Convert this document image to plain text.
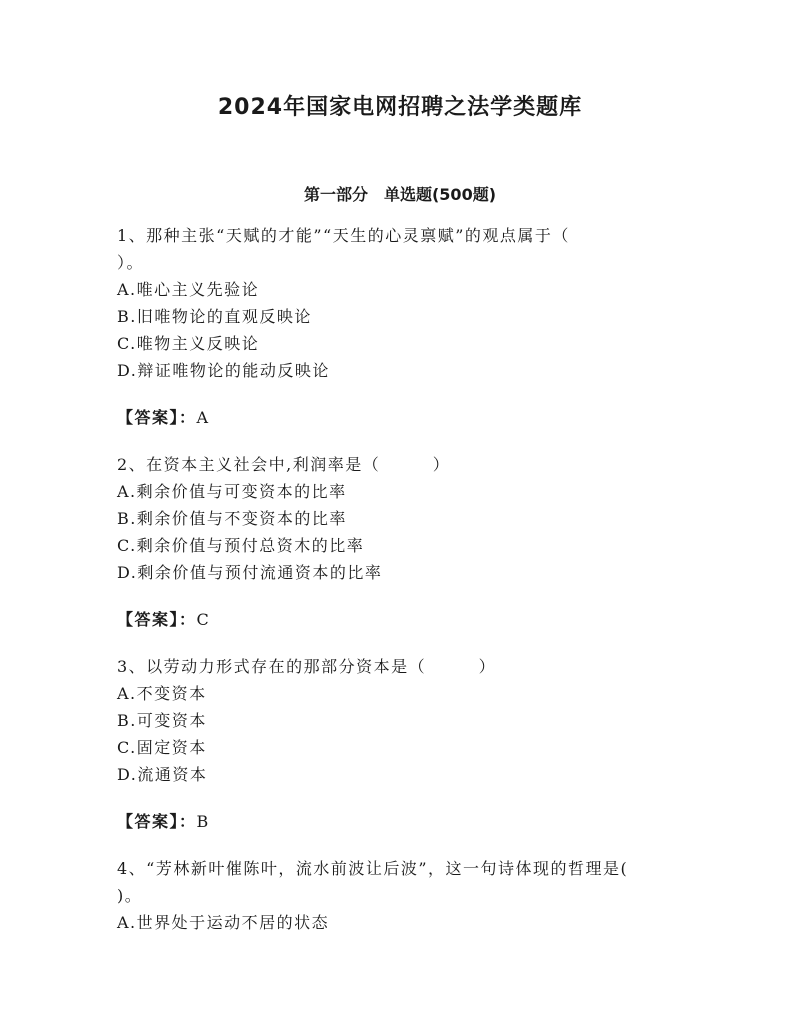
2024年国家电网招聘之法学类题库
第一部分　单选题(500题)
1、那种主张“天赋的才能”“天生的心灵禀赋”的观点属于（
）。
A.唯心主义先验论
B.旧唯物论的直观反映论
C.唯物主义反映论
D.辩证唯物论的能动反映论
【答案】：A
2、在资本主义社会中,利润率是（　　　）
A.剩余价值与可变资本的比率
B.剩余价值与不变资本的比率
C.剩余价值与预付总资木的比率
D.剩余价值与预付流通资本的比率
【答案】：C
3、以劳动力形式存在的那部分资本是（　　　）
A.不变资本
B.可变资本
C.固定资本
D.流通资本
【答案】：B
4、“芳林新叶催陈叶，流水前波让后波”，这一句诗体现的哲理是(
)。
A.世界处于运动不居的状态
